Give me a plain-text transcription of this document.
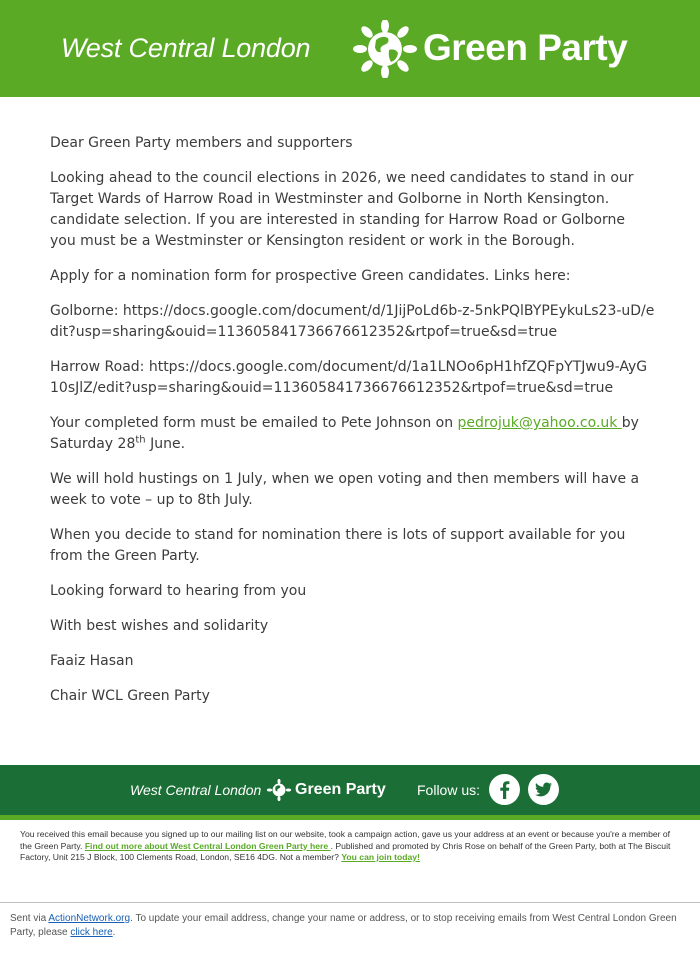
West Central London	Green Party

Dear Green Party members and supporters

Looking ahead to the council elections in 2026, we need candidates to stand in our Target Wards of Harrow Road in Westminster and Golborne in North Kensington. candidate selection. If you are interested in standing for Harrow Road or Golborne you must be a Westminster or Kensington resident or work in the Borough.

Apply for a nomination form for prospective Green candidates. Links here:

Golborne: https://docs.google.com/document/d/1JijPoLd6b-z-5nkPQlBYPEykuLs23-uD/edit?usp=sharing&ouid=113605841736676612352&rtpof=true&sd=true

Harrow Road: https://docs.google.com/document/d/1a1LNOo6pH1hfZQFpYTJwu9-AyG10sJlZ/edit?usp=sharing&ouid=113605841736676612352&rtpof=true&sd=true

Your completed form must be emailed to Pete Johnson on pedrojuk@yahoo.co.uk by Saturday 28th June.

We will hold hustings on 1 July, when we open voting and then members will have a week to vote – up to 8th July.

When you decide to stand for nomination there is lots of support available for you from the Green Party.

Looking forward to hearing from you

With best wishes and solidarity

Faaiz Hasan

Chair WCL Green Party

West Central London Green Party Follow us:
You received this email because you signed up to our mailing list on our website, took a campaign action, gave us your address at an event or because you're a member of the Green Party. Find out more about West Central London Green Party here . Published and promoted by Chris Rose on behalf of the Green Party, both at The Biscuit Factory, Unit 215 J Block, 100 Clements Road, London, SE16 4DG. Not a member? You can join today!
Sent via ActionNetwork.org. To update your email address, change your name or address, or to stop receiving emails from West Central London Green Party, please click here.
